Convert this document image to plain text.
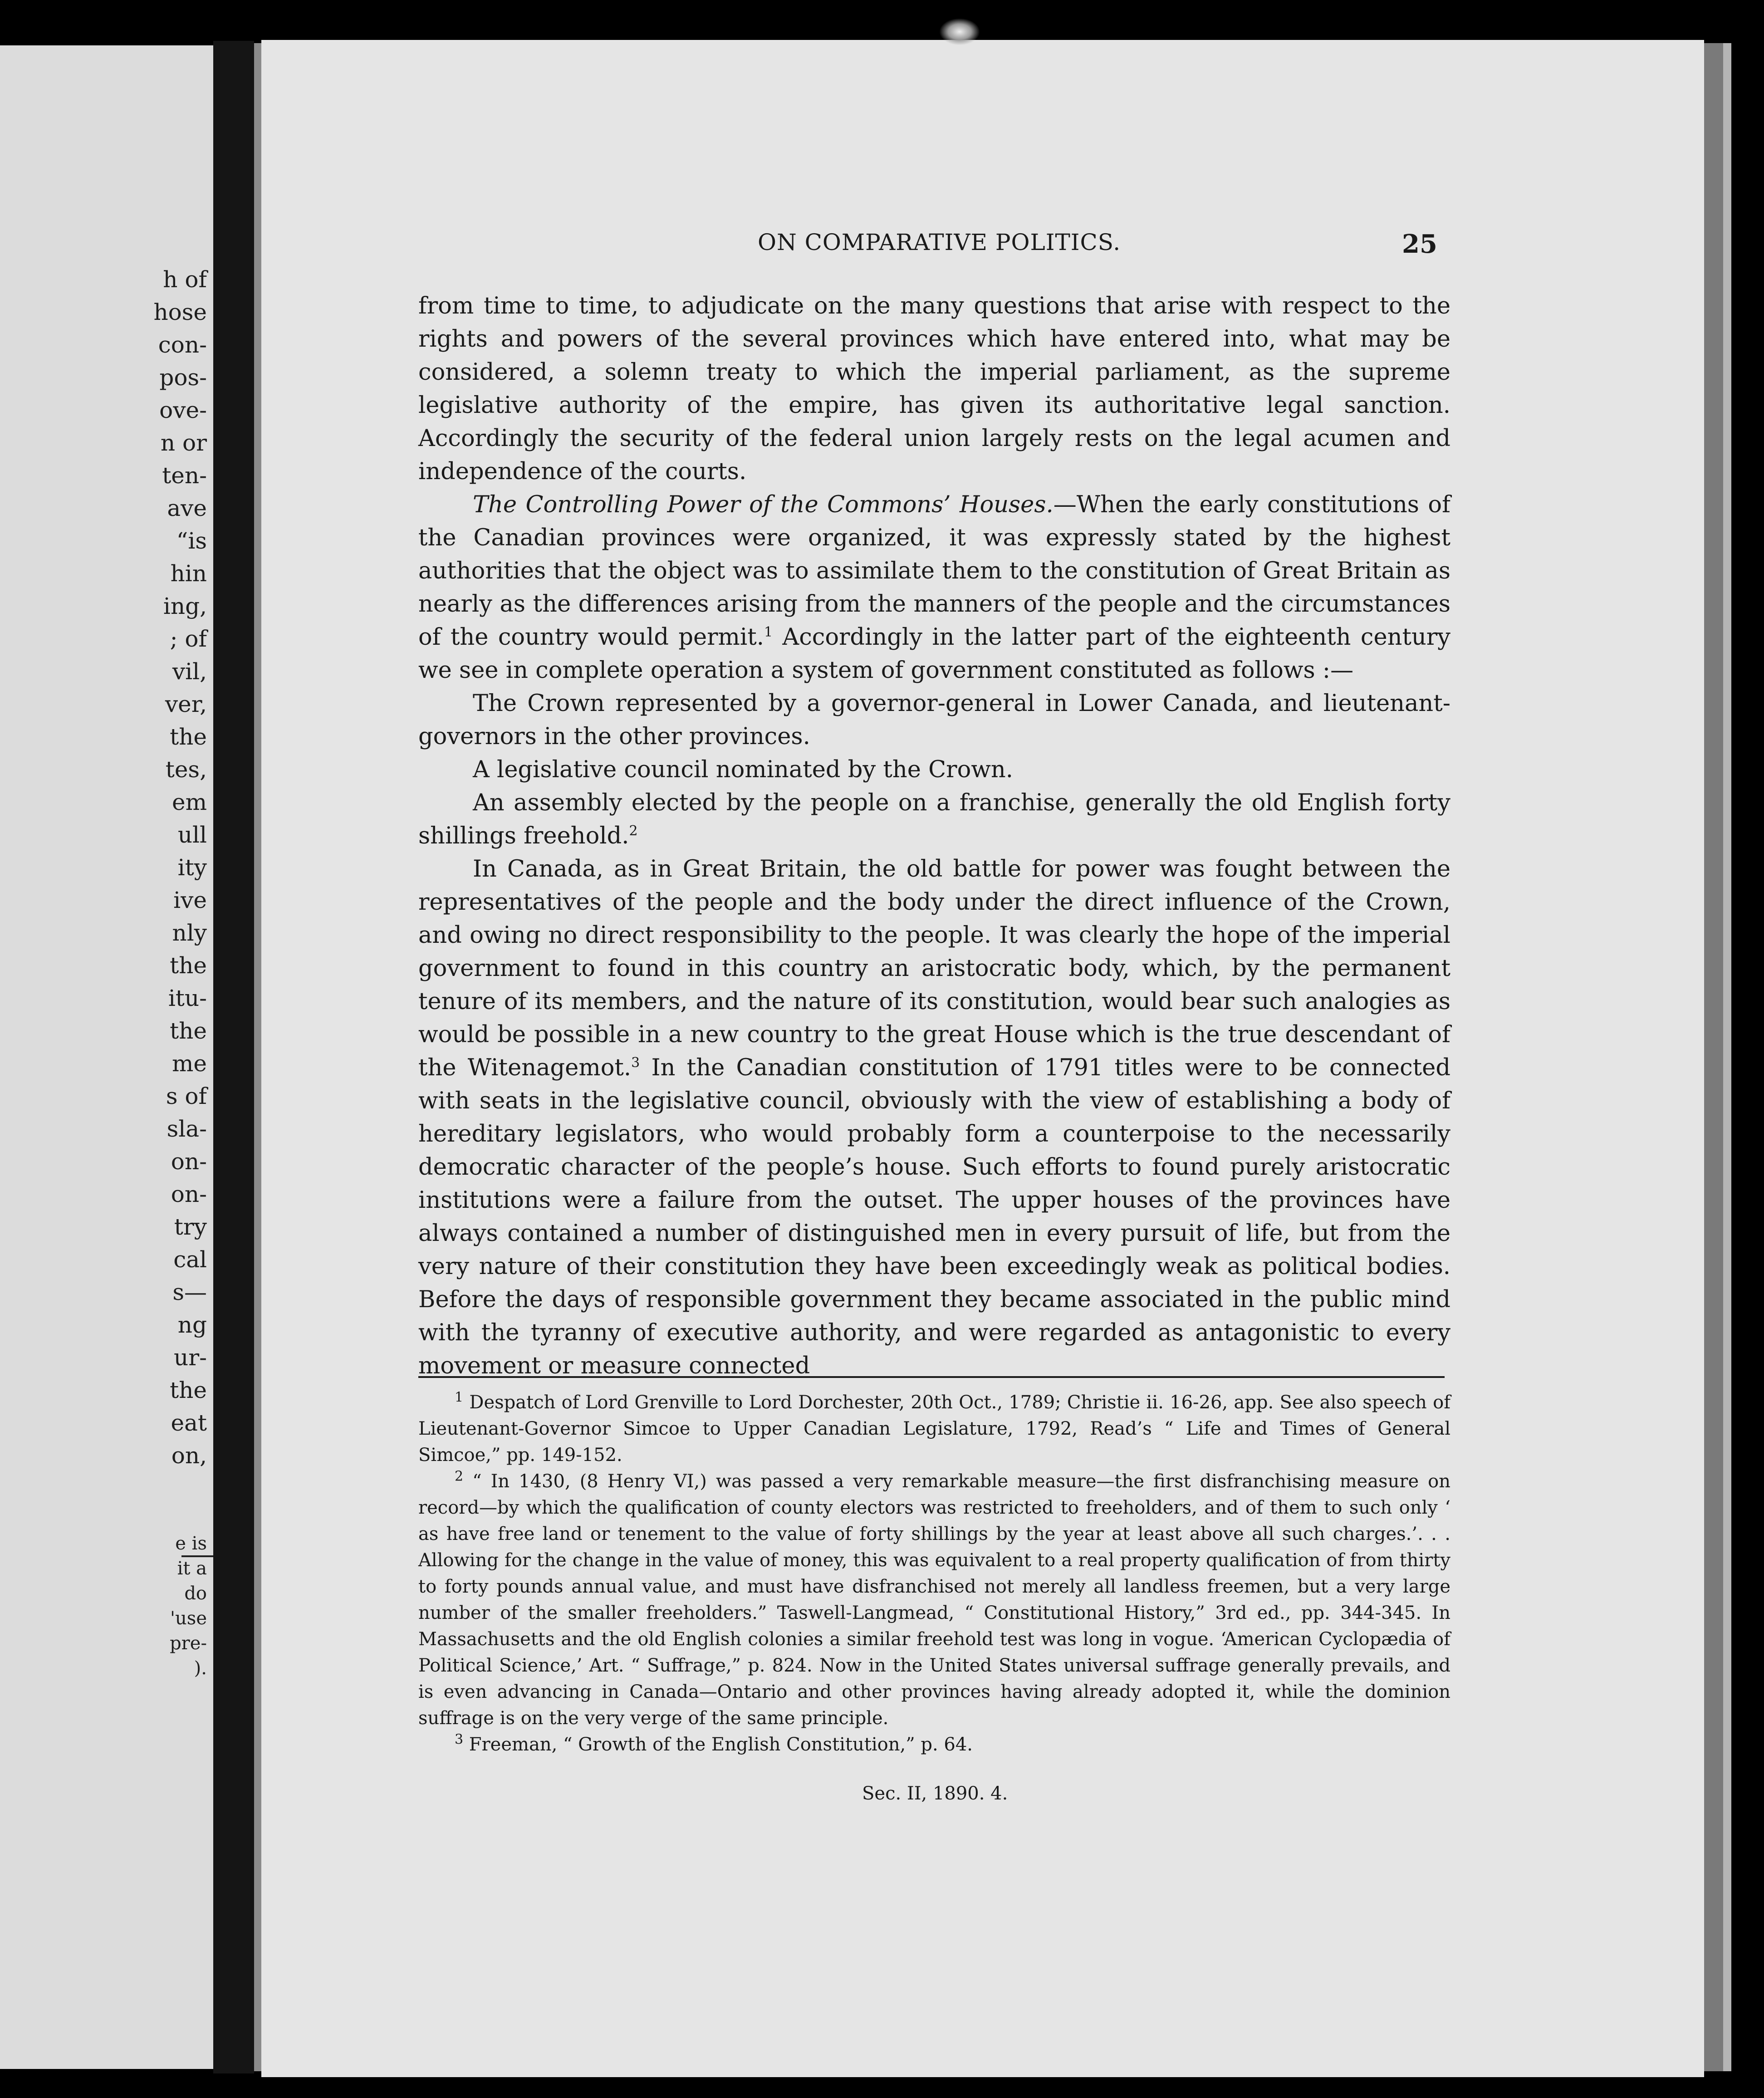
h of
hose
con-
pos-
ove-
n or
ten-
ave
“is
hin
ing,
; of
vil,
ver,
the
tes,
em
ull
ity
ive
nly
the
itu-
the
me
s of
sla-
on-
on-
try
cal
s—
ng
ur-
the
eat
on,
e is
it a
do
'use
pre-
).
ON COMPARATIVE POLITICS.	25

from time to time, to adjudicate on the many questions that arise with respect to the rights and powers of the several provinces which have entered into, what may be considered, a solemn treaty to which the imperial parliament, as the supreme legislative authority of the empire, has given its authoritative legal sanction. Accordingly the security of the federal union largely rests on the legal acumen and independence of the courts.

The Controlling Power of the Commons’ Houses.—When the early constitutions of the Canadian provinces were organized, it was expressly stated by the highest authorities that the object was to assimilate them to the constitution of Great Britain as nearly as the differences arising from the manners of the people and the circumstances of the country would permit.$^1$ Accordingly in the latter part of the eighteenth century we see in complete operation a system of government constituted as follows :—

The Crown represented by a governor-general in Lower Canada, and lieutenant-governors in the other provinces.

A legislative council nominated by the Crown.

An assembly elected by the people on a franchise, generally the old English forty shillings freehold.$^2$

In Canada, as in Great Britain, the old battle for power was fought between the representatives of the people and the body under the direct influence of the Crown, and owing no direct responsibility to the people. It was clearly the hope of the imperial government to found in this country an aristocratic body, which, by the permanent tenure of its members, and the nature of its constitution, would bear such analogies as would be possible in a new country to the great House which is the true descendant of the Witenagemot.$^3$ In the Canadian constitution of 1791 titles were to be connected with seats in the legislative council, obviously with the view of establishing a body of hereditary legislators, who would probably form a counterpoise to the necessarily democratic character of the people’s house. Such efforts to found purely aristocratic institutions were a failure from the outset. The upper houses of the provinces have always contained a number of distinguished men in every pursuit of life, but from the very nature of their constitution they have been exceedingly weak as political bodies. Before the days of responsible government they became associated in the public mind with the tyranny of executive authority, and were regarded as antagonistic to every movement or measure connected

$^1$ Despatch of Lord Grenville to Lord Dorchester, 20th Oct., 1789; Christie ii. 16-26, app. See also speech of Lieutenant-Governor Simcoe to Upper Canadian Legislature, 1792, Read’s “ Life and Times of General Simcoe,” pp. 149-152.

$^2$ “ In 1430, (8 Henry VI,) was passed a very remarkable measure—the first disfranchising measure on record—by which the qualification of county electors was restricted to freeholders, and of them to such only ‘ as have free land or tenement to the value of forty shillings by the year at least above all such charges.’. . . Allowing for the change in the value of money, this was equivalent to a real property qualification of from thirty to forty pounds annual value, and must have disfranchised not merely all landless freemen, but a very large number of the smaller freeholders.” Taswell-Langmead, “ Constitutional History,” 3rd ed., pp. 344-345. In Massachusetts and the old English colonies a similar freehold test was long in vogue. ‘American Cyclopædia of Political Science,’ Art. “ Suffrage,” p. 824. Now in the United States universal suffrage generally prevails, and is even advancing in Canada—Ontario and other provinces having already adopted it, while the dominion suffrage is on the very verge of the same principle.

$^3$ Freeman, “ Growth of the English Constitution,” p. 64.

Sec. II, 1890. 4.
